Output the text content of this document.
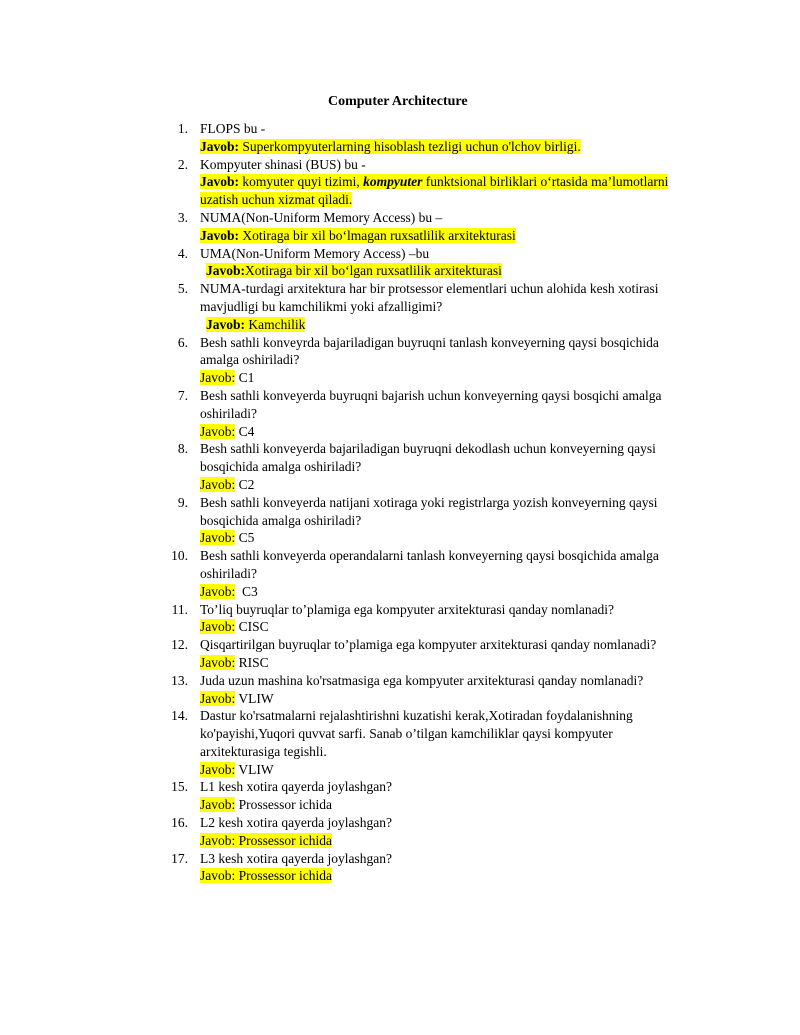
Computer Architecture
1. FLOPS bu -
Javob: Superkompyuterlarning hisoblash tezligi uchun o'lchov birligi.
2. Kompyuter shinasi (BUS) bu -
Javob: komyuter quyi tizimi, kompyuter funktsional birliklari o‘rtasida ma’lumotlarni
uzatish uchun xizmat qiladi.
3. NUMA(Non-Uniform Memory Access) bu –
Javob: Xotiraga bir xil bo‘lmagan ruxsatlilik arxitekturasi
4. UMA(Non-Uniform Memory Access) –bu
Javob:Xotiraga bir xil bo‘lgan ruxsatlilik arxitekturasi
5. NUMA-turdagi arxitektura har bir protsessor elementlari uchun alohida kesh xotirasi
mavjudligi bu kamchilikmi yoki afzalligimi?
Javob: Kamchilik
6. Besh sathli konveyrda bajariladigan buyruqni tanlash konveyerning qaysi bosqichida
amalga oshiriladi?
Javob: C1
7. Besh sathli konveyerda buyruqni bajarish uchun konveyerning qaysi bosqichi amalga
oshiriladi?
Javob: C4
8. Besh sathli konveyerda bajariladigan buyruqni dekodlash uchun konveyerning qaysi
bosqichida amalga oshiriladi?
Javob: C2
9. Besh sathli konveyerda natijani xotiraga yoki registrlarga yozish konveyerning qaysi
bosqichida amalga oshiriladi?
Javob: C5
10. Besh sathli konveyerda operandalarni tanlash konveyerning qaysi bosqichida amalga
oshiriladi?
Javob:  C3
11. To’liq buyruqlar to’plamiga ega kompyuter arxitekturasi qanday nomlanadi?
Javob: CISC
12. Qisqartirilgan buyruqlar to’plamiga ega kompyuter arxitekturasi qanday nomlanadi?
Javob: RISC
13. Juda uzun mashina ko'rsatmasiga ega kompyuter arxitekturasi qanday nomlanadi?
Javob: VLIW
14. Dastur ko'rsatmalarni rejalashtirishni kuzatishi kerak,Xotiradan foydalanishning
ko'payishi,Yuqori quvvat sarfi. Sanab o’tilgan kamchiliklar qaysi kompyuter
arxitekturasiga tegishli.
Javob: VLIW
15. L1 kesh xotira qayerda joylashgan?
Javob: Prossessor ichida
16. L2 kesh xotira qayerda joylashgan?
Javob: Prossessor ichida
17. L3 kesh xotira qayerda joylashgan?
Javob: Prossessor ichida
